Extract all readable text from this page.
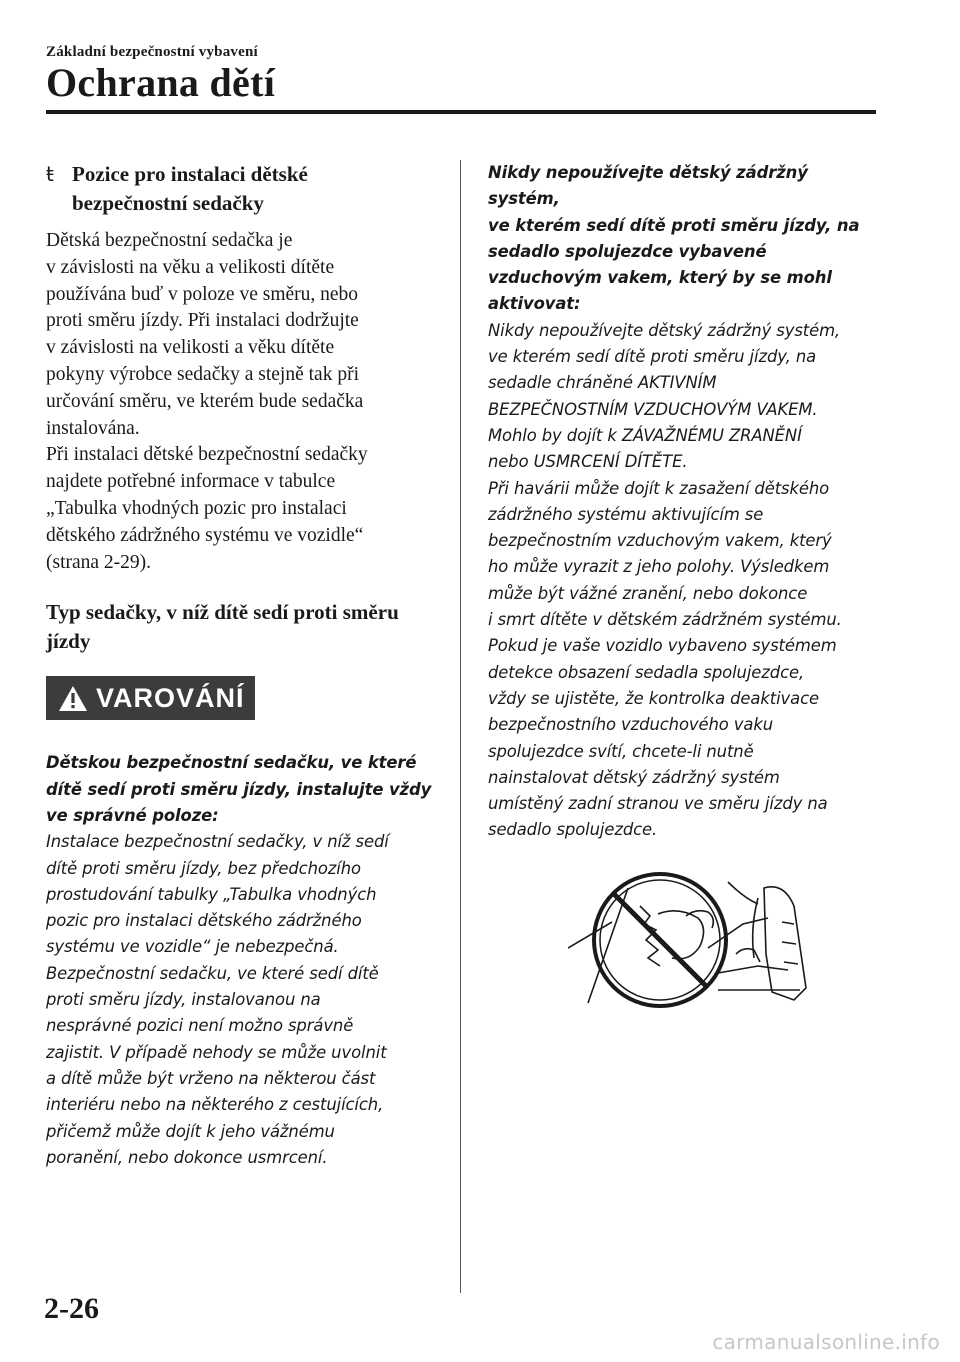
Základní bezpečnostní vybavení
Ochrana dětí
ŧ Pozice pro instalaci dětské
bezpečnostní sedačky

Dětská bezpečnostní sedačka je
v závislosti na věku a velikosti dítěte
používána buď v poloze ve směru, nebo
proti směru jízdy. Při instalaci dodržujte
v závislosti na velikosti a věku dítěte
pokyny výrobce sedačky a stejně tak při
určování směru, ve kterém bude sedačka
instalována.
Při instalaci dětské bezpečnostní sedačky
najdete potřebné informace v tabulce
„Tabulka vhodných pozic pro instalaci
dětského zádržného systému ve vozidle“
(strana 2-29).

Typ sedačky, v níž dítě sedí proti směru
jízdy
VAROVÁNÍ

Dětskou bezpečnostní sedačku, ve které
dítě sedí proti směru jízdy, instalujte vždy
ve správné poloze:

Instalace bezpečnostní sedačky, v níž sedí
dítě proti směru jízdy, bez předchozího
prostudování tabulky „Tabulka vhodných
pozic pro instalaci dětského zádržného
systému ve vozidle“ je nebezpečná.
Bezpečnostní sedačku, ve které sedí dítě
proti směru jízdy, instalovanou na
nesprávné pozici není možno správně
zajistit. V případě nehody se může uvolnit
a dítě může být vrženo na některou část
interiéru nebo na některého z cestujících,
přičemž může dojít k jeho vážnému
poranění, nebo dokonce usmrcení.

Nikdy nepoužívejte dětský zádržný systém,
ve kterém sedí dítě proti směru jízdy, na
sedadlo spolujezdce vybavené
vzduchovým vakem, který by se mohl
aktivovat:

Nikdy nepoužívejte dětský zádržný systém,
ve kterém sedí dítě proti směru jízdy, na
sedadle chráněné AKTIVNÍM
BEZPEČNOSTNÍM VZDUCHOVÝM VAKEM.
Mohlo by dojít k ZÁVAŽNÉMU ZRANĚNÍ
nebo USMRCENÍ DÍTĚTE.
Při havárii může dojít k zasažení dětského
zádržného systému aktivujícím se
bezpečnostním vzduchovým vakem, který
ho může vyrazit z jeho polohy. Výsledkem
může být vážné zranění, nebo dokonce
i smrt dítěte v dětském zádržném systému.
Pokud je vaše vozidlo vybaveno systémem
detekce obsazení sedadla spolujezdce,
vždy se ujistěte, že kontrolka deaktivace
bezpečnostního vzduchového vaku
spolujezdce svítí, chcete-li nutně
nainstalovat dětský zádržný systém
umístěný zadní stranou ve směru jízdy na
sedadlo spolujezdce.

2-26
carmanualsonline.info
